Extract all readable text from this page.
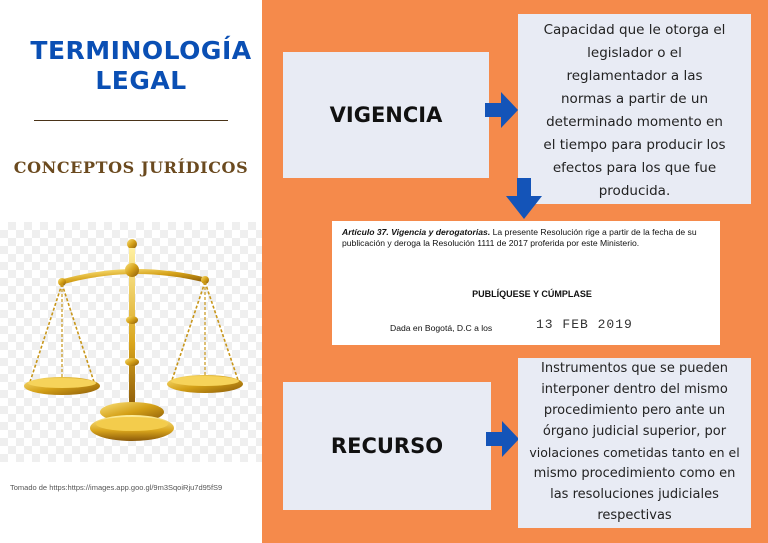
TERMINOLOGÍA
LEGAL
CONCEPTOS JURÍDICOS
Tomado de https:https://images.app.goo.gl/9m3SqoiRju7d95fS9
VIGENCIA
Capacidad que le otorga el
legislador o el
reglamentador a las
normas a partir de un
determinado momento en
el tiempo para producir los
efectos para los que fue
producida.

Artículo 37. Vigencia y derogatorias. La presente Resolución rige a partir de la fecha de su publicación y deroga la Resolución 1111 de 2017 proferida por este Ministerio.

PUBLÍQUESE Y CÚMPLASE
Dada en Bogotá, D.C a los	13 FEB 2019
RECURSO
Instrumentos que se pueden
interponer dentro del mismo
procedimiento pero ante un
órgano judicial superior, por
violaciones cometidas tanto en el
mismo procedimiento como en
las resoluciones judiciales
respectivas
